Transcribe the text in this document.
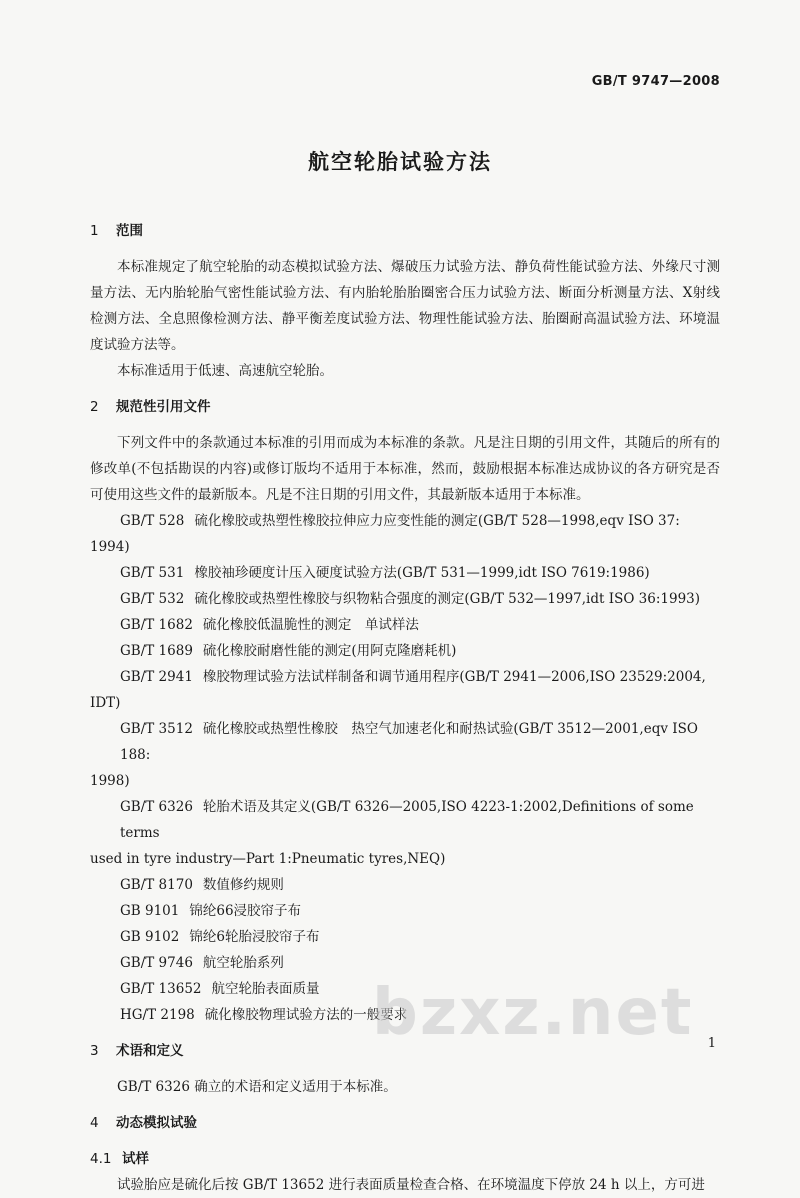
GB/T 9747—2008
航空轮胎试验方法
1 范围

本标准规定了航空轮胎的动态模拟试验方法、爆破压力试验方法、静负荷性能试验方法、外缘尺寸测量方法、无内胎轮胎气密性能试验方法、有内胎轮胎胎圈密合压力试验方法、断面分析测量方法、X射线检测方法、全息照像检测方法、静平衡差度试验方法、物理性能试验方法、胎圈耐高温试验方法、环境温度试验方法等。

本标准适用于低速、高速航空轮胎。

2 规范性引用文件

下列文件中的条款通过本标准的引用而成为本标准的条款。凡是注日期的引用文件，其随后的所有的修改单(不包括勘误的内容)或修订版均不适用于本标准，然而，鼓励根据本标准达成协议的各方研究是否可使用这些文件的最新版本。凡是不注日期的引用文件，其最新版本适用于本标准。

GB/T 528 硫化橡胶或热塑性橡胶拉伸应力应变性能的测定(GB/T 528—1998,eqv ISO 37:
1994)

GB/T 531 橡胶袖珍硬度计压入硬度试验方法(GB/T 531—1999,idt ISO 7619:1986)

GB/T 532 硫化橡胶或热塑性橡胶与织物粘合强度的测定(GB/T 532—1997,idt ISO 36:1993)

GB/T 1682 硫化橡胶低温脆性的测定　单试样法

GB/T 1689 硫化橡胶耐磨性能的测定(用阿克隆磨耗机)

GB/T 2941 橡胶物理试验方法试样制备和调节通用程序(GB/T 2941—2006,ISO 23529:2004,
IDT)

GB/T 3512 硫化橡胶或热塑性橡胶　热空气加速老化和耐热试验(GB/T 3512—2001,eqv ISO 188:
1998)

GB/T 6326 轮胎术语及其定义(GB/T 6326—2005,ISO 4223-1:2002,Definitions of some terms
used in tyre industry—Part 1:Pneumatic tyres,NEQ)

GB/T 8170 数值修约规则

GB 9101 锦纶66浸胶帘子布

GB 9102 锦纶6轮胎浸胶帘子布

GB/T 9746 航空轮胎系列

GB/T 13652 航空轮胎表面质量

HG/T 2198 硫化橡胶物理试验方法的一般要求

3 术语和定义

GB/T 6326 确立的术语和定义适用于本标准。

4 动态模拟试验
4.1 试样

试验胎应是硫化后按 GB/T 13652 进行表面质量检查合格、在环境温度下停放 24 h 以上，方可进

bzxz.net 1
